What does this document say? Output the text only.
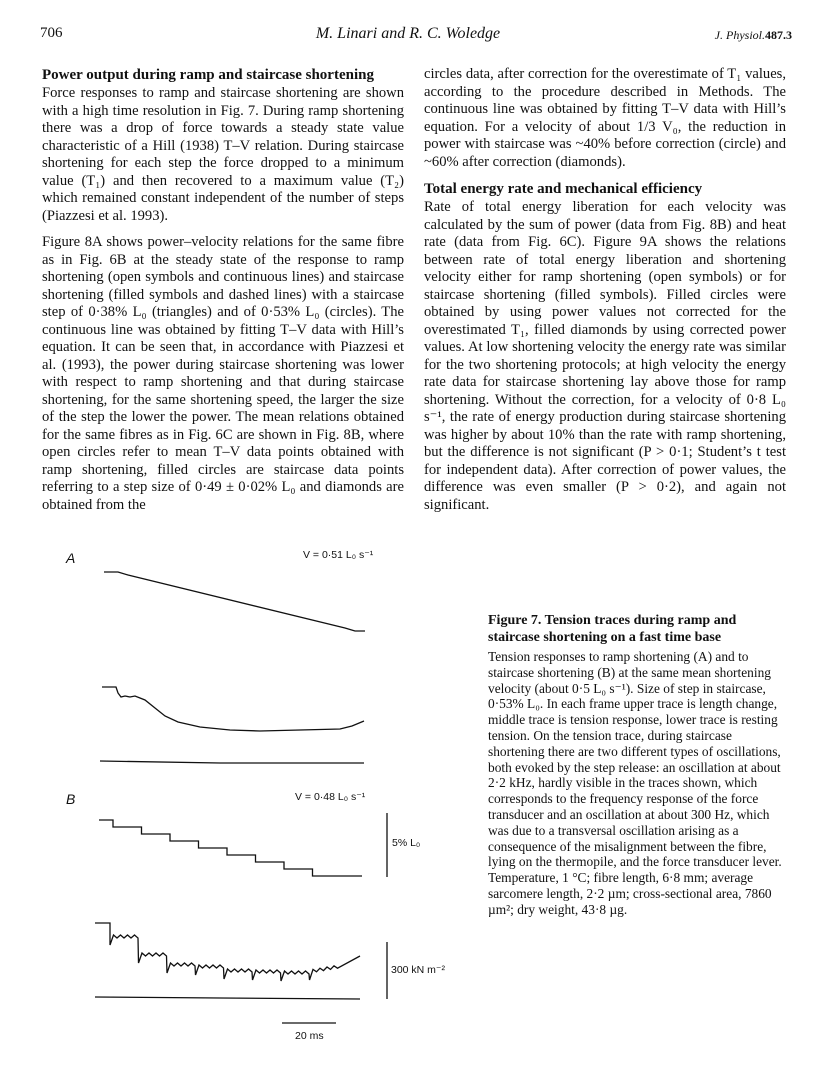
706	M. Linari and R. C. Woledge	J. Physiol.487.3
Power output during ramp and staircase shortening

Force responses to ramp and staircase shortening are shown with a high time resolution in Fig. 7. During ramp shortening there was a drop of force towards a steady state value characteristic of a Hill (1938) T–V relation. During staircase shortening for each step the force dropped to a minimum value (T₁) and then recovered to a maximum value (T₂) which remained constant independent of the number of steps (Piazzesi et al. 1993).

Figure 8A shows power–velocity relations for the same fibre as in Fig. 6B at the steady state of the response to ramp shortening (open symbols and continuous lines) and staircase shortening (filled symbols and dashed lines) with a staircase step of 0·38% L₀ (triangles) and of 0·53% L₀ (circles). The continuous line was obtained by fitting T–V data with Hill’s equation. It can be seen that, in accordance with Piazzesi et al. (1993), the power during staircase shortening was lower with respect to ramp shortening and that during staircase shortening, for the same shortening speed, the larger the size of the step the lower the power. The mean relations obtained for the same fibres as in Fig. 6C are shown in Fig. 8B, where open circles refer to mean T–V data points obtained with ramp shortening, filled circles are staircase data points referring to a step size of 0·49 ± 0·02% L₀ and diamonds are obtained from the

circles data, after correction for the overestimate of T₁ values, according to the procedure described in Methods. The continuous line was obtained by fitting T–V data with Hill’s equation. For a velocity of about 1/3 V₀, the reduction in power with staircase was ~40% before correction (circle) and ~60% after correction (diamonds).

Total energy rate and mechanical efficiency

Rate of total energy liberation for each velocity was calculated by the sum of power (data from Fig. 8B) and heat rate (data from Fig. 6C). Figure 9A shows the relations between rate of total energy liberation and shortening velocity either for ramp shortening (open symbols) or for staircase shortening (filled symbols). Filled circles were obtained by using power values not corrected for the overestimated T₁, filled diamonds by using corrected power values. At low shortening velocity the energy rate was similar for the two shortening protocols; at high velocity the energy rate data for staircase shortening lay above those for ramp shortening. Without the correction, for a velocity of 0·8 L₀ s⁻¹, the rate of energy production during staircase shortening was higher by about 10% than the rate with ramp shortening, but the difference is not significant (P > 0·1; Student’s t test for independent data). After correction of power values, the difference was even smaller (P > 0·2), and again not significant.

A	V = 0·51 L₀ s⁻¹
B	V = 0·48 L₀ s⁻¹
5% L₀
300 kN m⁻²
20 ms
Figure 7. Tension traces during ramp and staircase shortening on a fast time base
Tension responses to ramp shortening (A) and to staircase shortening (B) at the same mean shortening velocity (about 0·5 L₀ s⁻¹). Size of step in staircase, 0·53% L₀. In each frame upper trace is length change, middle trace is tension response, lower trace is resting tension. On the tension trace, during staircase shortening there are two different types of oscillations, both evoked by the step release: an oscillation at about 2·2 kHz, hardly visible in the traces shown, which corresponds to the frequency response of the force transducer and an oscillation at about 300 Hz, which was due to a transversal oscillation arising as a consequence of the misalignment between the fibre, lying on the thermopile, and the force transducer lever. Temperature, 1 °C; fibre length, 6·8 mm; average sarcomere length, 2·2 µm; cross-sectional area, 7860 µm²; dry weight, 43·8 µg.
